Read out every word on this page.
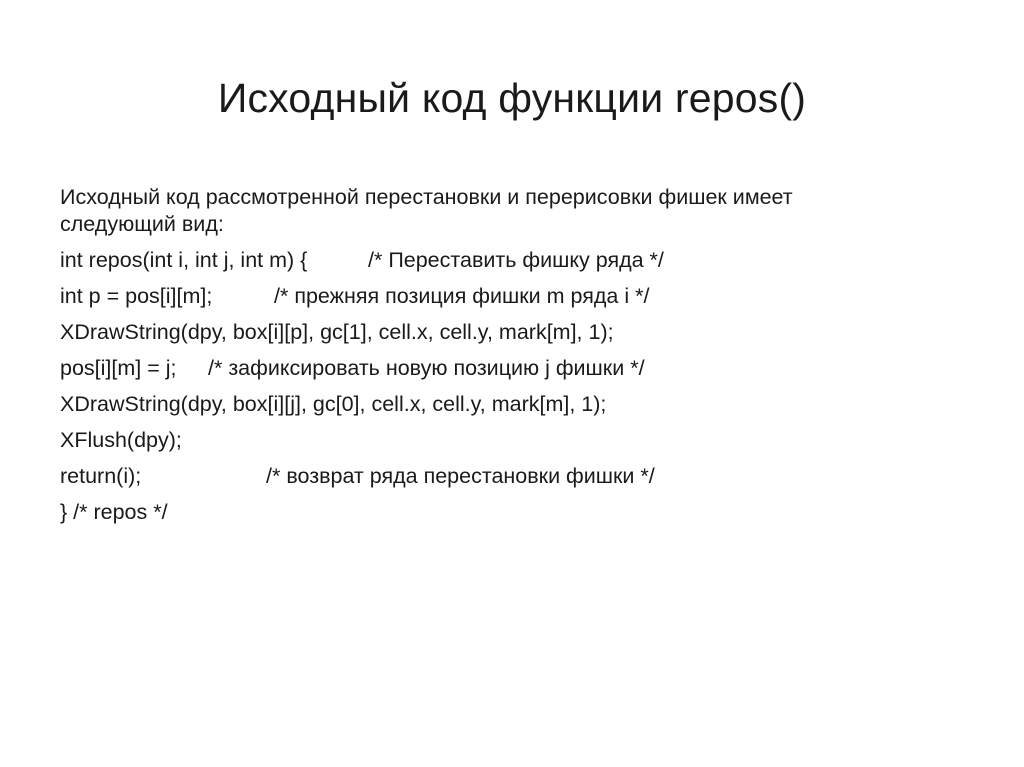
Исходный код функции repos()

Исходный код рассмотренной перестановки и перерисовки фишек имеет
следующий вид:

int repos(int i, int j, int m) {	/* Переставить фишку ряда */
int p = pos[i][m];	/* прежняя позиция фишки m ряда i */
XDrawString(dpy, box[i][p], gc[1], cell.x, cell.y, mark[m], 1);
pos[i][m] = j; /* зафиксировать новую позицию j фишки */
XDrawString(dpy, box[i][j], gc[0], cell.x, cell.y, mark[m], 1);
XFlush(dpy);
return(i);	/* возврат ряда перестановки фишки */
} /* repos */
